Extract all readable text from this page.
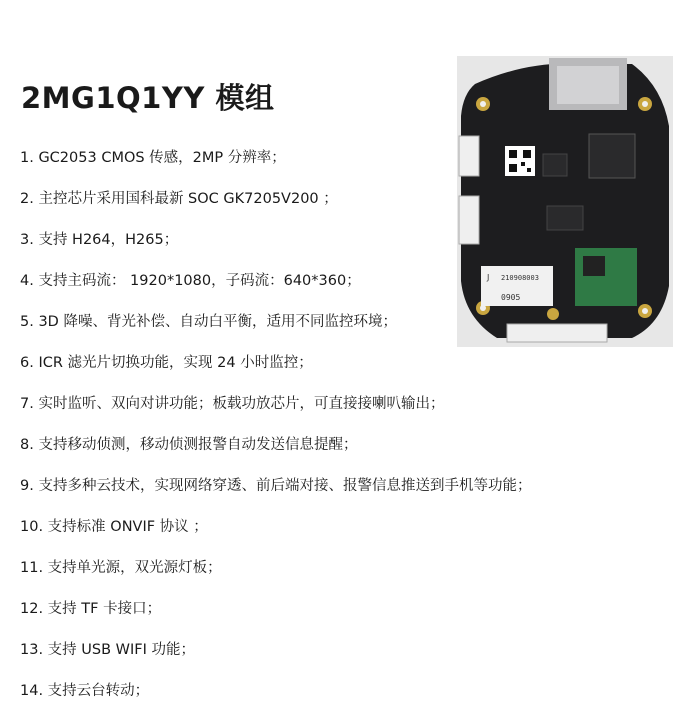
2MG1Q1YY 模组
1. GC2053 CMOS 传感，2MP 分辨率；
2. 主控芯片采用国科最新 SOC GK7205V200 ；
3. 支持 H264，H265；
4. 支持主码流： 1920*1080，子码流：640*360；
5. 3D 降噪、背光补偿、自动白平衡，适用不同监控环境；
6. ICR 滤光片切换功能，实现 24 小时监控；
7. 实时监听、双向对讲功能；板载功放芯片，可直接接喇叭输出；
8. 支持移动侦测，移动侦测报警自动发送信息提醒；
9. 支持多种云技术，实现网络穿透、前后端对接、报警信息推送到手机等功能；
10. 支持标准 ONVIF 协议 ；
11. 支持单光源，双光源灯板；
12. 支持 TF 卡接口；
13. 支持 USB WIFI 功能；
14. 支持云台转动；
J 210908003
0905
